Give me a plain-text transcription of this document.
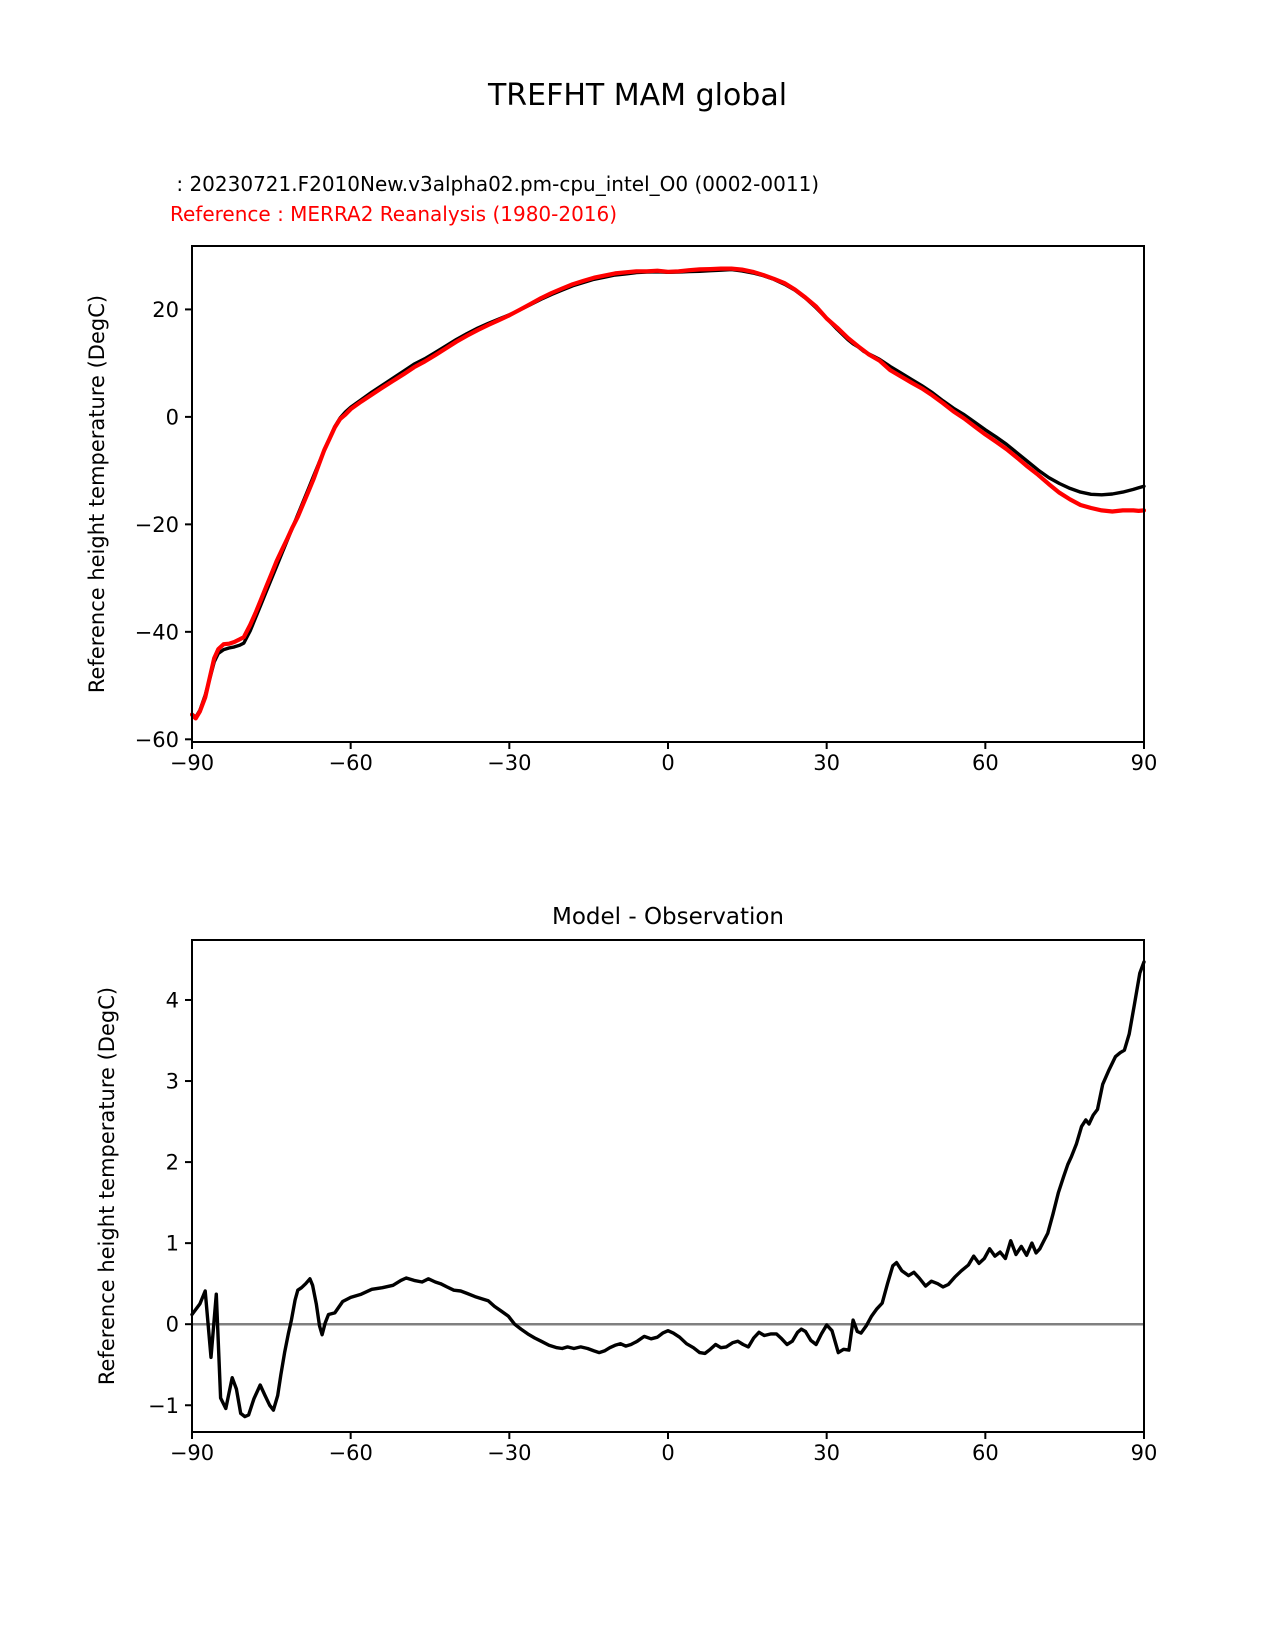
TREFHT MAM global
: 20230721.F2010New.v3alpha02.pm-cpu_intel_O0 (0002-0011)
Reference : MERRA2 Reanalysis (1980-2016)
−90	−60	−30	0	30	60	90
−60
−40
−20
0
20
−90	−60	−30	0	30	60	90
−1
0
1
2
3
4
Reference height temperature (DegC)
Model - Observation
Reference height temperature (DegC)
